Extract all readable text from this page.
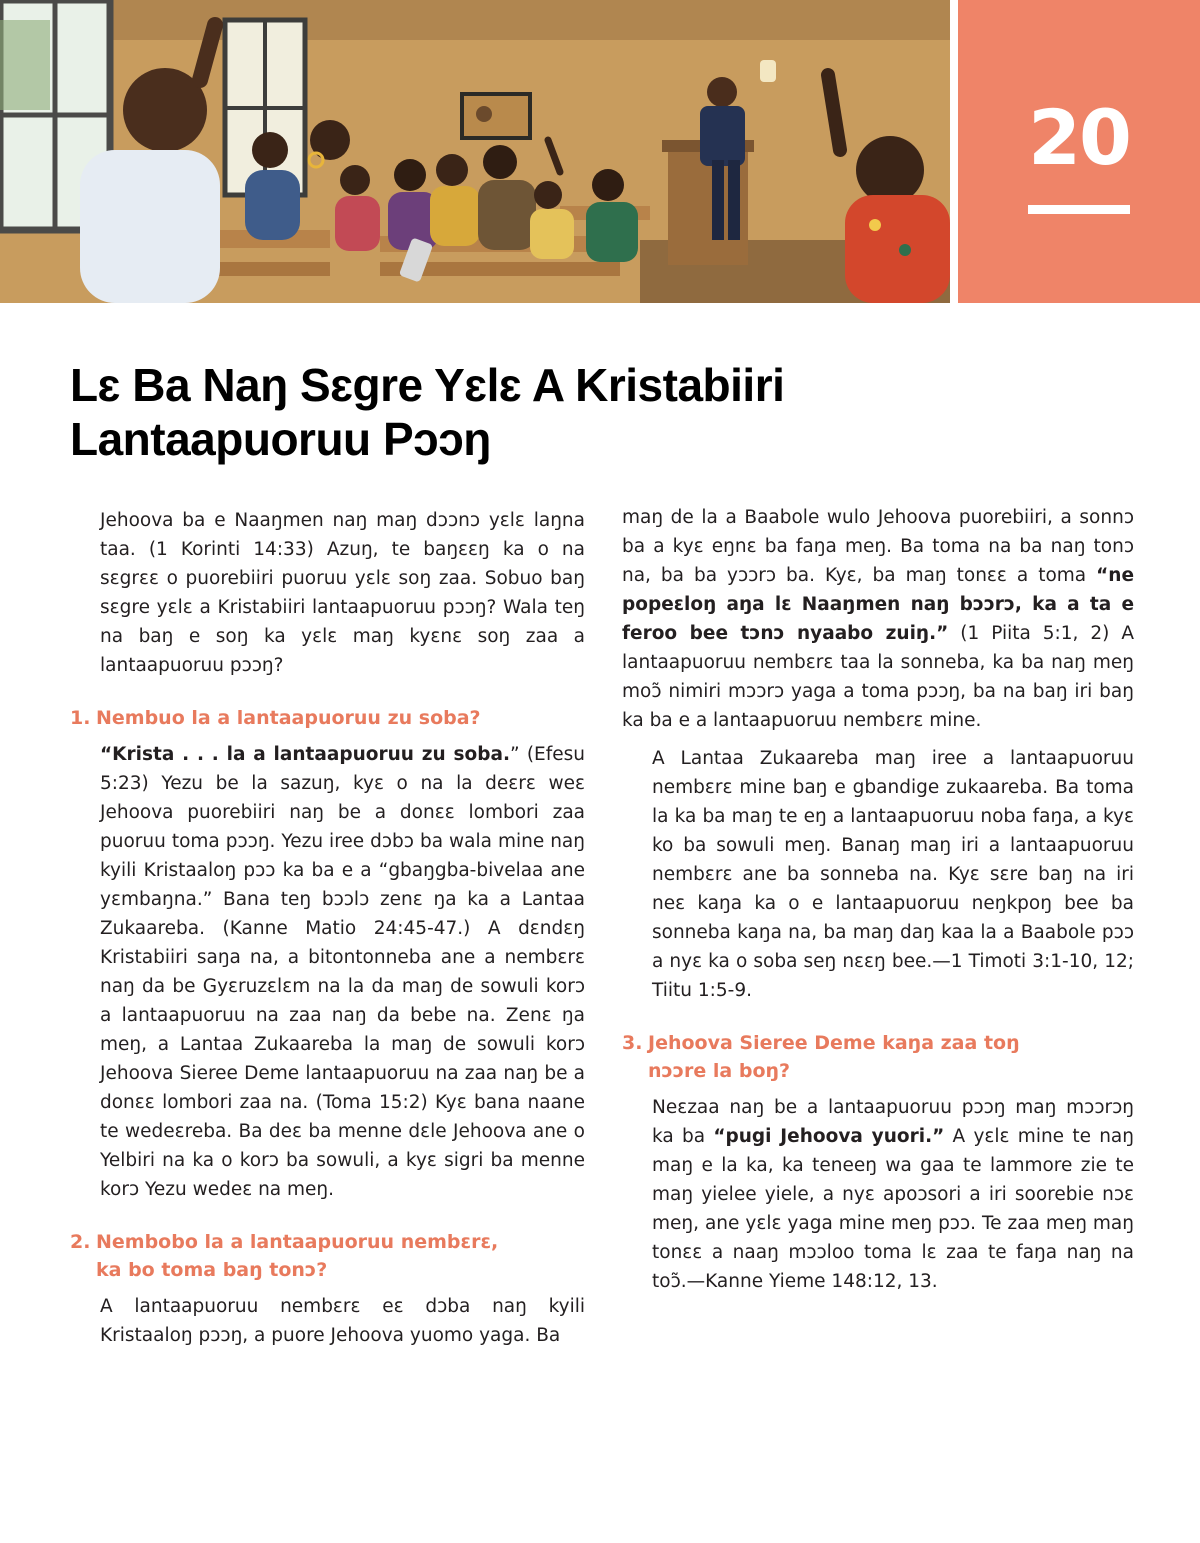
20
Lɛ Ba Naŋ Sɛgre Yɛlɛ A Kristabiiri
Lantaapuoruu Pɔɔŋ

Jehoova ba e Naaŋmen naŋ maŋ dɔɔnɔ yɛlɛ laŋna taa. (1 Korinti 14:33) Azuŋ, te baŋɛɛŋ ka o na sɛgrɛɛ o puorebiiri puoruu yɛlɛ soŋ zaa. Sobuo baŋ sɛgre yɛlɛ a Kristabiiri lantaapuoruu pɔɔŋ? Wala teŋ na baŋ e soŋ ka yɛlɛ maŋ kyɛnɛ soŋ zaa a lantaapuoruu pɔɔŋ?

1. Nembuo la a lantaapuoruu zu soba?

“Krista . . . la a lantaapuoruu zu soba.” (Efesu 5:23) Yezu be la sazuŋ, kyɛ o na la deɛrɛ weɛ Jehoova puorebiiri naŋ be a donɛɛ lombori zaa puoruu toma pɔɔŋ. Yezu iree dɔbɔ ba wala mine naŋ kyili Kristaaloŋ pɔɔ ka ba e a “gbaŋgba-bivelaa ane yɛmbaŋna.” Bana teŋ bɔɔlɔ zenɛ ŋa ka a Lantaa Zukaareba. (Kanne Matio 24:45-47.) A dɛndɛŋ Kristabiiri saŋa na, a bitontonneba ane a nembɛrɛ naŋ da be Gyɛruzɛlɛm na la da maŋ de sowuli korɔ a lantaapuoruu na zaa naŋ da bebe na. Zenɛ ŋa meŋ, a Lantaa Zukaareba la maŋ de sowuli korɔ Jehoova Sieree Deme lantaapuoruu na zaa naŋ be a donɛɛ lombori zaa na. (Toma 15:2) Kyɛ bana naane te wedeɛreba. Ba deɛ ba menne dɛle Jehoova ane o Yelbiri na ka o korɔ ba sowuli, a kyɛ sigri ba menne korɔ Yezu wedeɛ na meŋ.

2. Nembobo la a lantaapuoruu nembɛrɛ,
ka bo toma baŋ tonɔ?

A lantaapuoruu nembɛrɛ eɛ dɔba naŋ kyili Kristaaloŋ pɔɔŋ, a puore Jehoova yuomo yaga. Ba

maŋ de la a Baabole wulo Jehoova puorebiiri, a sonnɔ ba a kyɛ eŋnɛ ba faŋa meŋ. Ba toma na ba naŋ tonɔ na, ba ba yɔɔrɔ ba. Kyɛ, ba maŋ tonɛɛ a toma “ne popeɛloŋ aŋa lɛ Naaŋmen naŋ bɔɔrɔ, ka a ta e feroo bee tɔnɔ nyaabo zuiŋ.” (1 Piita 5:1, 2) A lantaapuoruu nembɛrɛ taa la sonneba, ka ba naŋ meŋ moɔ̃ nimiri mɔɔrɔ yaga a toma pɔɔŋ, ba na baŋ iri baŋ ka ba e a lantaapuoruu nembɛrɛ mine.

A Lantaa Zukaareba maŋ iree a lantaapuoruu nembɛrɛ mine baŋ e gbandige zukaareba. Ba toma la ka ba maŋ te eŋ a lantaapuoruu noba faŋa, a kyɛ ko ba sowuli meŋ. Banaŋ maŋ iri a lantaapuoruu nembɛrɛ ane ba sonneba na. Kyɛ sɛre baŋ na iri neɛ kaŋa ka o e lantaapuoruu neŋkpoŋ bee ba sonneba kaŋa na, ba maŋ daŋ kaa la a Baabole pɔɔ a nyɛ ka o soba seŋ nɛɛŋ bee.—1 Timoti 3:1-10, 12; Tiitu 1:5-9.

3. Jehoova Sieree Deme kaŋa zaa toŋ
nɔɔre la boŋ?

Neɛzaa naŋ be a lantaapuoruu pɔɔŋ maŋ mɔɔrɔŋ ka ba “pugi Jehoova yuori.” A yɛlɛ mine te naŋ maŋ e la ka, ka teneeŋ wa gaa te lammore zie te maŋ yielee yiele, a nyɛ apoɔsori a iri soorebie nɔɛ meŋ, ane yɛlɛ yaga mine meŋ pɔɔ. Te zaa meŋ maŋ tonɛɛ a naaŋ mɔɔloo toma lɛ zaa te faŋa naŋ na toɔ̃.—Kanne Yieme 148:12, 13.
